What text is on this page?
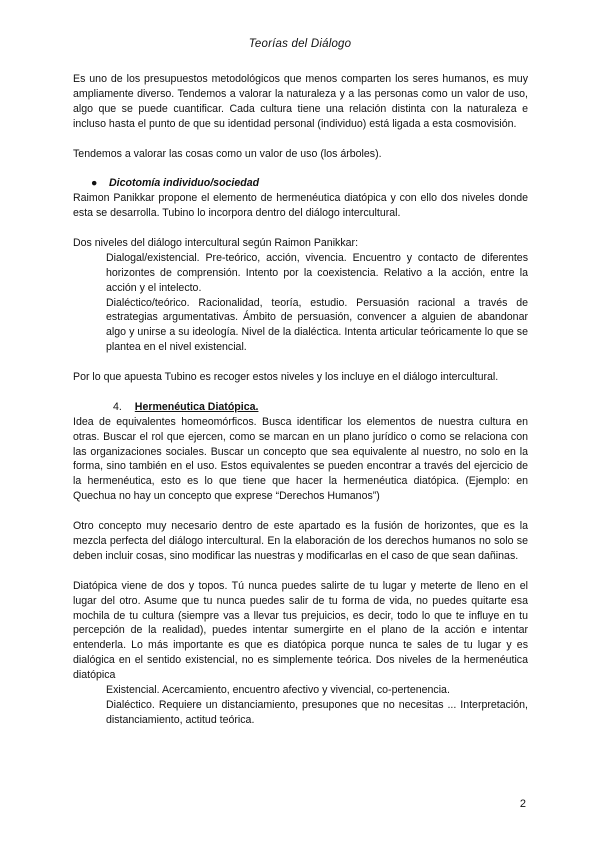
Teorías del Diálogo

Es uno de los presupuestos metodológicos que menos comparten los seres humanos, es muy ampliamente diverso. Tendemos a valorar la naturaleza y a las personas como un valor de uso, algo que se puede cuantificar. Cada cultura tiene una relación distinta con la naturaleza e incluso hasta el punto de que su identidad personal (individuo) está ligada a esta cosmovisión.

Tendemos a valorar las cosas como un valor de uso (los árboles).

● Dicotomía individuo/sociedad

Raimon Panikkar propone el elemento de hermenéutica diatópica y con ello dos niveles donde esta se desarrolla. Tubino lo incorpora dentro del diálogo intercultural.

Dos niveles del diálogo intercultural según Raimon Panikkar:

Dialogal/existencial. Pre-teórico, acción, vivencia. Encuentro y contacto de diferentes horizontes de comprensión. Intento por la coexistencia. Relativo a la acción, entre la acción y el intelecto.

Dialéctico/teórico. Racionalidad, teoría, estudio. Persuasión racional a través de estrategias argumentativas. Ámbito de persuasión, convencer a alguien de abandonar algo y unirse a su ideología. Nivel de la dialéctica. Intenta articular teóricamente lo que se plantea en el nivel existencial.

Por lo que apuesta Tubino es recoger estos niveles y los incluye en el diálogo intercultural.

4. Hermenéutica Diatópica.

Idea de equivalentes homeomórficos. Busca identificar los elementos de nuestra cultura en otras. Buscar el rol que ejercen, como se marcan en un plano jurídico o como se relaciona con las organizaciones sociales. Buscar un concepto que sea equivalente al nuestro, no solo en la forma, sino también en el uso. Estos equivalentes se pueden encontrar a través del ejercicio de la hermenéutica, esto es lo que tiene que hacer la hermenéutica diatópica. (Ejemplo: en Quechua no hay un concepto que exprese “Derechos Humanos”)

Otro concepto muy necesario dentro de este apartado es la fusión de horizontes, que es la mezcla perfecta del diálogo intercultural. En la elaboración de los derechos humanos no solo se deben incluir cosas, sino modificar las nuestras y modificarlas en el caso de que sean dañinas.

Diatópica viene de dos y topos. Tú nunca puedes salirte de tu lugar y meterte de lleno en el lugar del otro. Asume que tu nunca puedes salir de tu forma de vida, no puedes quitarte esa mochila de tu cultura (siempre vas a llevar tus prejuicios, es decir, todo lo que te influye en tu percepción de la realidad), puedes intentar sumergirte en el plano de la acción e intentar entenderla. Lo más importante es que es diatópica porque nunca te sales de tu lugar y es dialógica en el sentido existencial, no es simplemente teórica. Dos niveles de la hermenéutica diatópica

Existencial. Acercamiento, encuentro afectivo y vivencial, co-pertenencia.

Dialéctico. Requiere un distanciamiento, presupones que no necesitas ... Interpretación, distanciamiento, actitud teórica.

2
